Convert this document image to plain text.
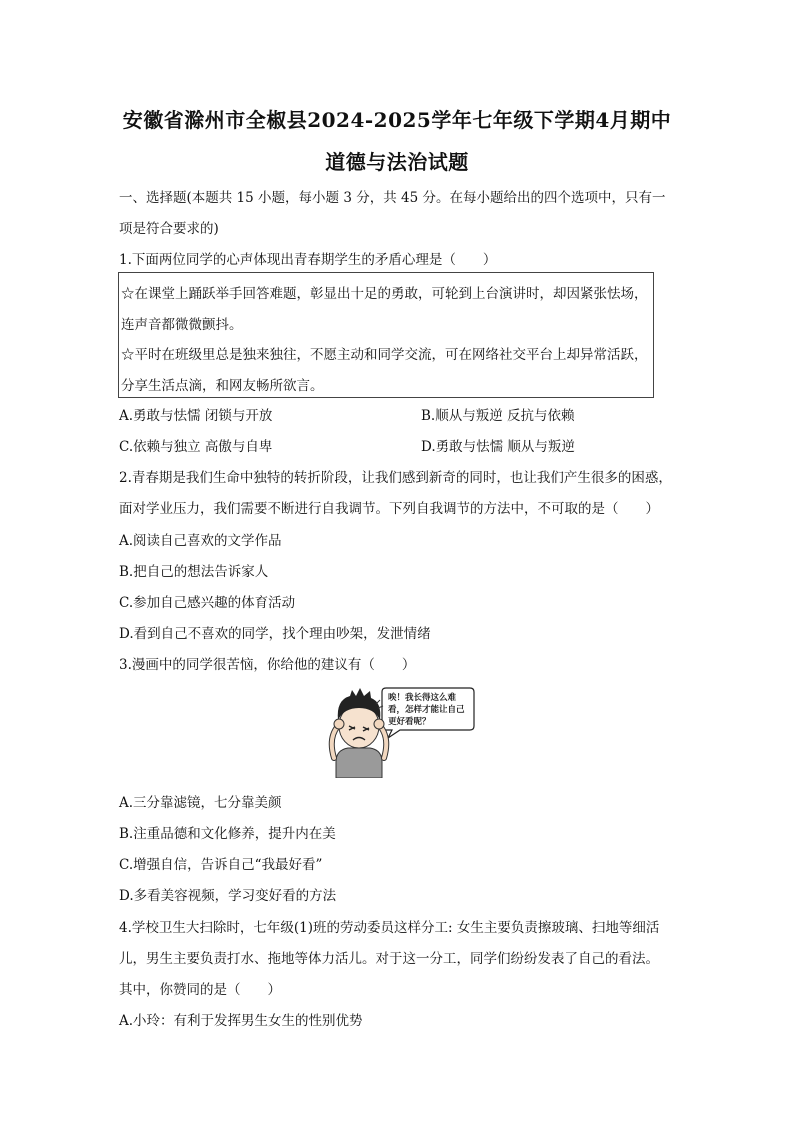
安徽省滁州市全椒县2024-2025学年七年级下学期4月期中
道德与法治试题
一、选择题(本题共 15 小题，每小题 3 分，共 45 分。在每小题给出的四个选项中，只有一
项是符合要求的)
1.下面两位同学的心声体现出青春期学生的矛盾心理是（　　）
☆在课堂上踊跃举手回答难题，彰显出十足的勇敢，可轮到上台演讲时，却因紧张怯场，
连声音都微微颤抖。
☆平时在班级里总是独来独往，不愿主动和同学交流，可在网络社交平台上却异常活跃，
分享生活点滴，和网友畅所欲言。
A.勇敢与怯懦 闭锁与开放	B.顺从与叛逆 反抗与依赖
C.依赖与独立 高傲与自卑	D.勇敢与怯懦 顺从与叛逆
2.青春期是我们生命中独特的转折阶段，让我们感到新奇的同时，也让我们产生很多的困惑，
面对学业压力，我们需要不断进行自我调节。下列自我调节的方法中，不可取的是（　　）
A.阅读自己喜欢的文学作品
B.把自己的想法告诉家人
C.参加自己感兴趣的体育活动
D.看到自己不喜欢的同学，找个理由吵架，发泄情绪
3.漫画中的同学很苦恼，你给他的建议有（　　）
唉！我长得这么难看，怎样才能让自己更好看呢？
A.三分靠滤镜，七分靠美颜
B.注重品德和文化修养，提升内在美
C.增强自信，告诉自己“我最好看”
D.多看美容视频，学习变好看的方法
4.学校卫生大扫除时，七年级(1)班的劳动委员这样分工: 女生主要负责擦玻璃、扫地等细活
儿，男生主要负责打水、拖地等体力活儿。对于这一分工，同学们纷纷发表了自己的看法。
其中，你赞同的是（　　）
A.小玲：有利于发挥男生女生的性别优势
